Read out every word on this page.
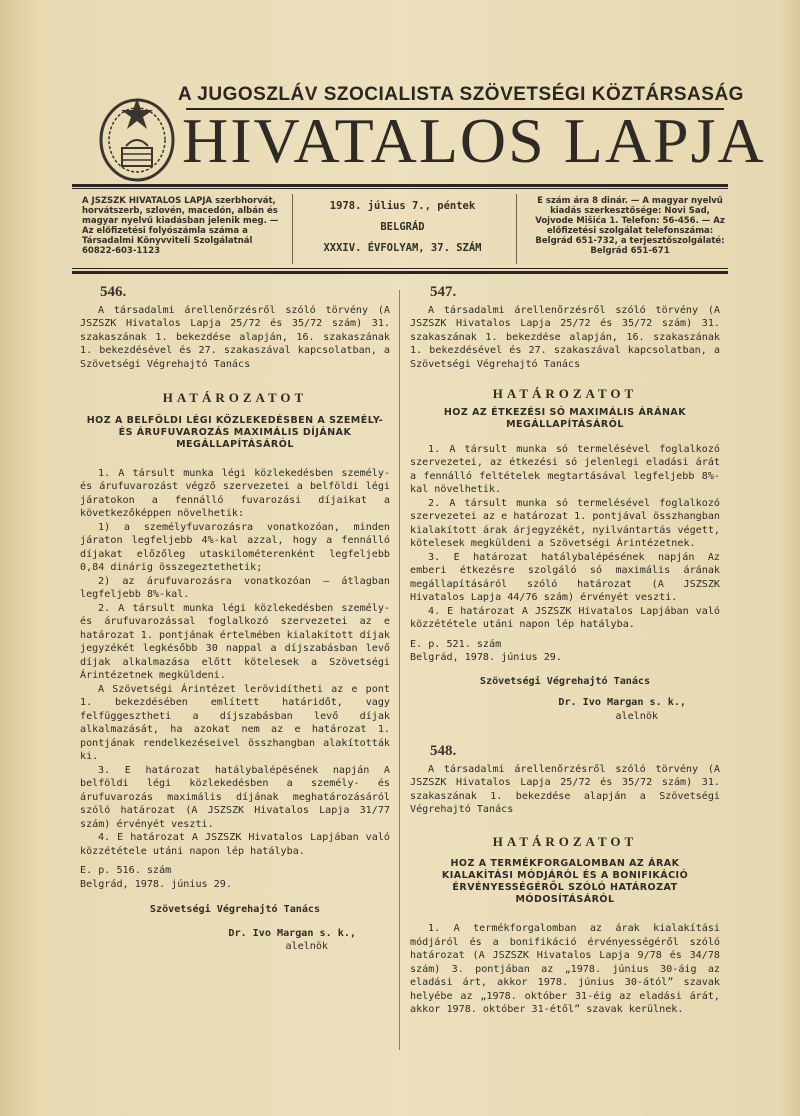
A JUGOSZLÁV SZOCIALISTA SZÖVETSÉGI KÖZTÁRSASÁG
HIVATALOS LAPJA
A JSZSZK HIVATALOS LAPJA szerbhorvát, horvátszerb, szlovén, macedón, albán és magyar nyelvű kiadásban jelenik meg. — Az előfizetési folyószámla száma a Társadalmi Könyvviteli Szolgálatnál 60822-603-1123
1978. július 7., péntek
BELGRÁD
XXXIV. ÉVFOLYAM, 37. SZÁM
E szám ára 8 dinár. — A magyar nyelvű kiadás szerkesztősége: Novi Sad, Vojvode Mišića 1. Telefon: 56-456. — Az előfizetési szolgálat telefonszáma: Belgrád 651-732, a terjesztőszolgálaté: Belgrád 651-671
546.

A társadalmi árellenőrzésről szóló törvény (A JSZSZK Hivatalos Lapja 25/72 és 35/72 szám) 31. szakaszának 1. bekezdése alapján, 16. szakaszának 1. bekezdésével és 27. szakaszával kapcsolatban, a Szövetségi Végrehajtó Tanács

HATÁROZATOT
HOZ A BELFÖLDI LÉGI KÖZLEKEDÉSBEN A SZEMÉLY- ÉS ÁRUFUVAROZÁS MAXIMÁLIS DÍJÁNAK MEGÁLLAPÍTÁSÁRÓL

1. A társult munka légi közlekedésben személy- és árufuvarozást végző szervezetei a belföldi légi járatokon a fennálló fuvarozási díjaikat a következőképpen növelhetik:

1) a személyfuvarozásra vonatkozóan, minden járaton legfeljebb 4%-kal azzal, hogy a fennálló díjakat előzőleg utaskilométerenként legfeljebb 0,84 dinárig összegeztethetik;

2) az árufuvarozásra vonatkozóan — átlagban legfeljebb 8%-kal.

2. A társult munka légi közlekedésben személy- és árufuvarozással foglalkozó szervezetei az e határozat 1. pontjának értelmében kialakított díjak jegyzékét legkésőbb 30 nappal a díjszabásban levő díjak alkalmazása előtt kötelesek a Szövetségi Árintézetnek megküldeni.

A Szövetségi Árintézet lerövidítheti az e pont 1. bekezdésében említett határidőt, vagy felfüggesztheti a díjszabásban levő díjak alkalmazását, ha azokat nem az e határozat 1. pontjának rendelkezéseivel összhangban alakították ki.

3. E határozat hatálybalépésének napján A belföldi légi közlekedésben a személy- és árufuvarozás maximális díjának meghatározásáról szóló határozat (A JSZSZK Hivatalos Lapja 31/77 szám) érvényét veszti.

4. E határozat A JSZSZK Hivatalos Lapjában való közzététele utáni napon lép hatályba.

E. p. 516. szám

Belgrád, 1978. június 29.

Szövetségi Végrehajtó Tanács
Dr. Ivo Margan s. k.,
alelnök
547.

A társadalmi árellenőrzésről szóló törvény (A JSZSZK Hivatalos Lapja 25/72 és 35/72 szám) 31. szakaszának 1. bekezdése alapján, 16. szakaszának 1. bekezdésével és 27. szakaszával kapcsolatban, a Szövetségi Végrehajtó Tanács

HATÁROZATOT
HOZ AZ ÉTKEZÉSI SÓ MAXIMÁLIS ÁRÁNAK MEGÁLLAPÍTÁSÁRÓL

1. A társult munka só termelésével foglalkozó szervezetei, az étkezési só jelenlegi eladási árát a fennálló feltételek megtartásával legfeljebb 8%-kal növelhetik.

2. A társult munka só termelésével foglalkozó szervezetei az e határozat 1. pontjával összhangban kialakított árak árjegyzékét, nyilvántartás végett, kötelesek megküldeni a Szövetségi Árintézetnek.

3. E határozat hatálybalépésének napján Az emberi étkezésre szolgáló só maximális árának megállapításáról szóló határozat (A JSZSZK Hivatalos Lapja 44/76 szám) érvényét veszti.

4. E határozat A JSZSZK Hivatalos Lapjában való közzététele utáni napon lép hatályba.

E. p. 521. szám

Belgrád, 1978. június 29.

Szövetségi Végrehajtó Tanács
Dr. Ivo Margan s. k.,
alelnök
548.

A társadalmi árellenőrzésről szóló törvény (A JSZSZK Hivatalos Lapja 25/72 és 35/72 szám) 31. szakaszának 1. bekezdése alapján a Szövetségi Végrehajtó Tanács

HATÁROZATOT
HOZ A TERMÉKFORGALOMBAN AZ ÁRAK KIALAKÍTÁSI MÓDJÁRÓL ÉS A BONIFIKÁCIÓ ÉRVÉNYESSÉGÉRŐL SZÓLÓ HATÁROZAT MÓDOSÍTÁSÁRÓL

1. A termékforgalomban az árak kialakítási módjáról és a bonifikáció érvényességéről szóló határozat (A JSZSZK Hivatalos Lapja 9/78 és 34/78 szám) 3. pontjában az „1978. június 30-áig az eladási árt, akkor 1978. június 30-ától” szavak helyébe az „1978. október 31-éig az eladási árát, akkor 1978. október 31-étől” szavak kerülnek.
